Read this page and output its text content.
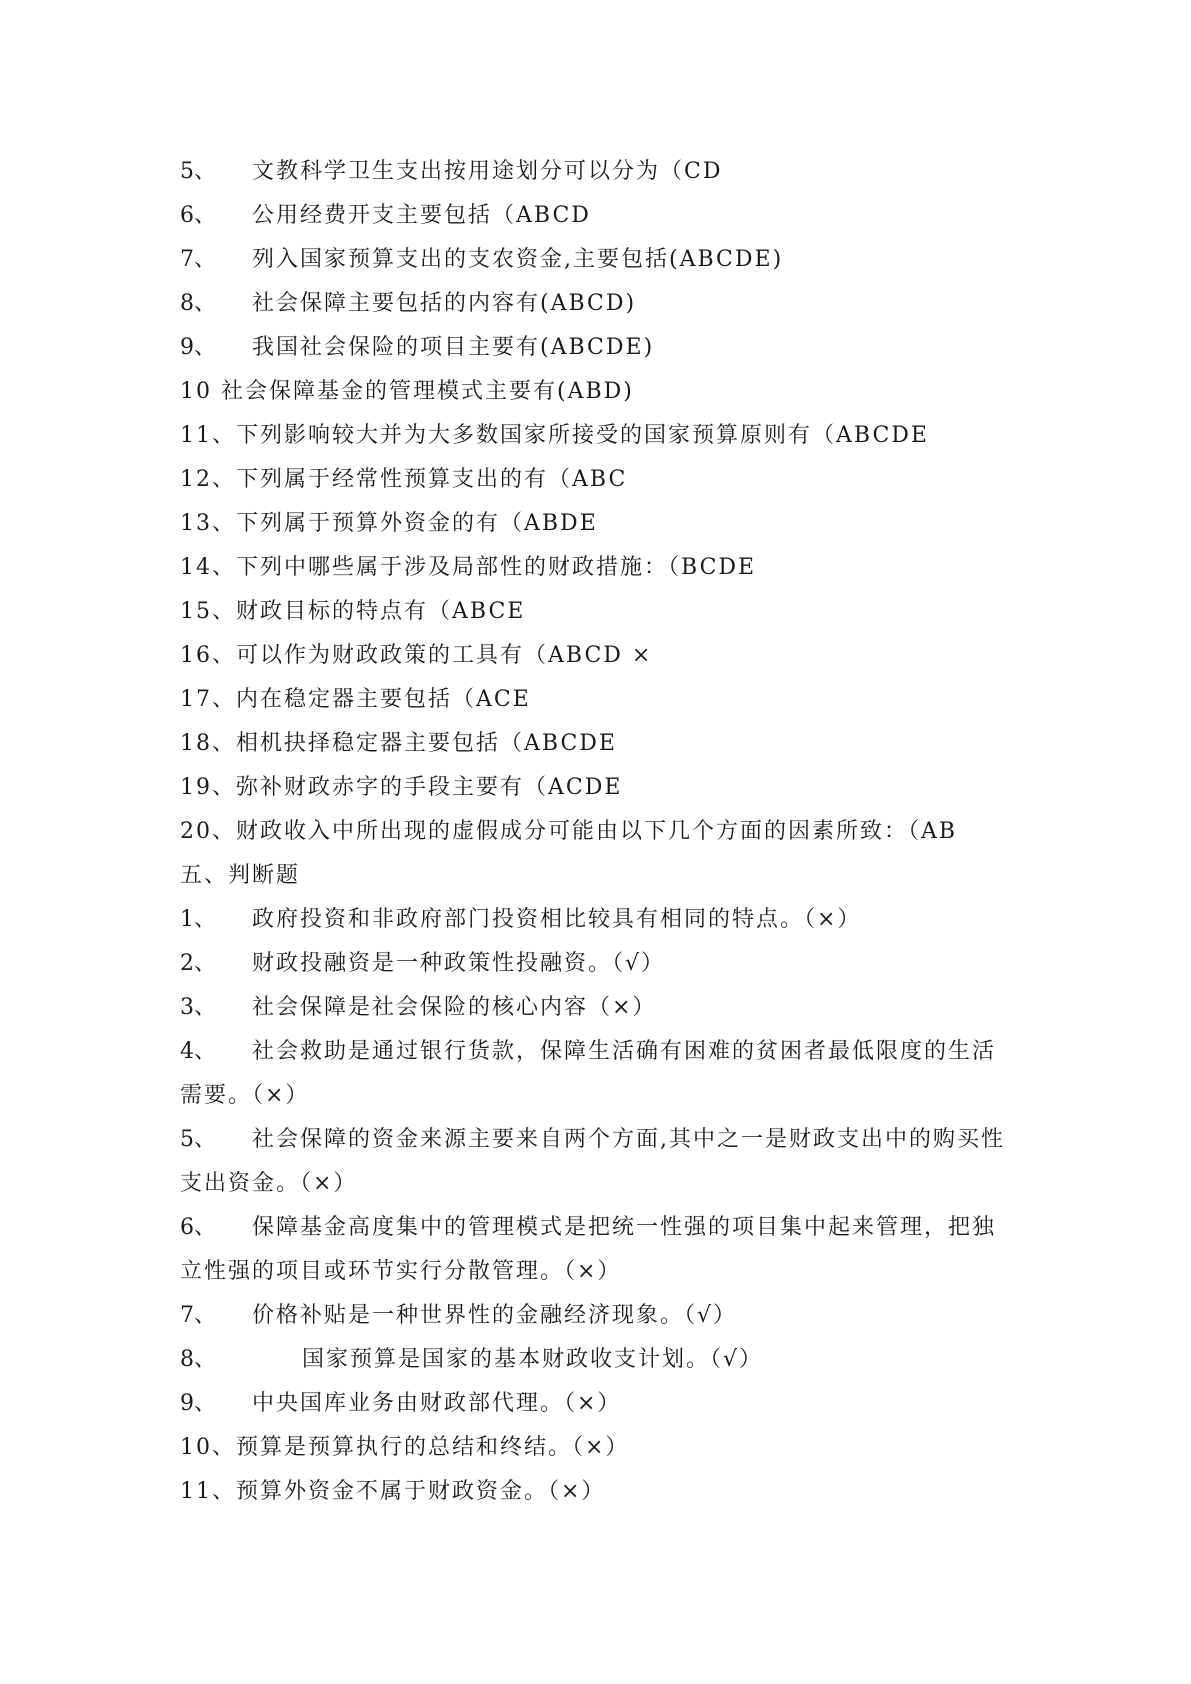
5、 文教科学卫生支出按用途划分可以分为（CD
6、 公用经费开支主要包括（ABCD
7、 列入国家预算支出的支农资金,主要包括(ABCDE)
8、 社会保障主要包括的内容有(ABCD)
9、 我国社会保险的项目主要有(ABCDE)
10 社会保障基金的管理模式主要有(ABD)
11、下列影响较大并为大多数国家所接受的国家预算原则有（ABCDE
12、下列属于经常性预算支出的有（ABC
13、下列属于预算外资金的有（ABDE
14、下列中哪些属于涉及局部性的财政措施：（BCDE
15、财政目标的特点有（ABCE
16、可以作为财政政策的工具有（ABCD ×
17、内在稳定器主要包括（ACE
18、相机抉择稳定器主要包括（ABCDE
19、弥补财政赤字的手段主要有（ACDE
20、财政收入中所出现的虚假成分可能由以下几个方面的因素所致：（AB
五、判断题
1、 政府投资和非政府部门投资相比较具有相同的特点。（×）
2、 财政投融资是一种政策性投融资。（√）
3、 社会保障是社会保险的核心内容（×）
4、 社会救助是通过银行货款，保障生活确有困难的贫困者最低限度的生活需要。（×）
5、 社会保障的资金来源主要来自两个方面,其中之一是财政支出中的购买性支出资金。（×）
6、 保障基金高度集中的管理模式是把统一性强的项目集中起来管理，把独立性强的项目或环节实行分散管理。（×）
7、 价格补贴是一种世界性的金融经济现象。（√）
8、	国家预算是国家的基本财政收支计划。（√）
9、 中央国库业务由财政部代理。（×）
10、预算是预算执行的总结和终结。（×）
11、预算外资金不属于财政资金。（×）
